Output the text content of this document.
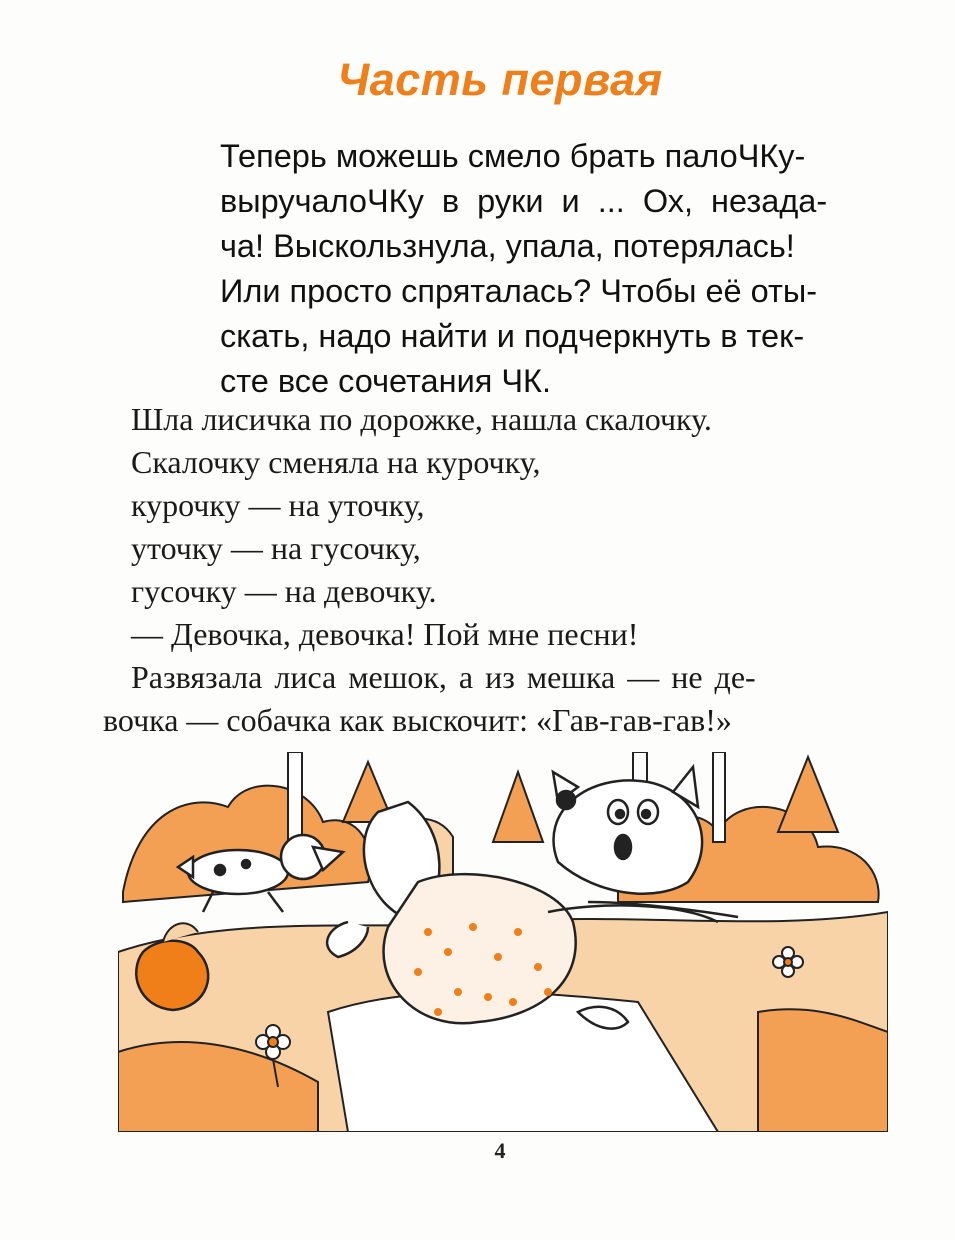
Часть первая
Теперь можешь смело брать палоЧКу-
выручалоЧКу в руки и ... Ох, незада-
ча! Выскользнула, упала, потерялась!
Или просто спряталась? Чтобы её оты-
скать, надо найти и подчеркнуть в тек-
сте все сочетания ЧК.
Шла лисичка по дорожке, нашла скалочку.
Скалочку сменяла на курочку,
курочку — на уточку,
уточку — на гусочку,
гусочку — на девочку.
— Девочка, девочка! Пой мне песни!
Развязала лиса мешок, а из мешка — не де-
вочка — собачка как выскочит: «Гав-гав-гав!»
4
